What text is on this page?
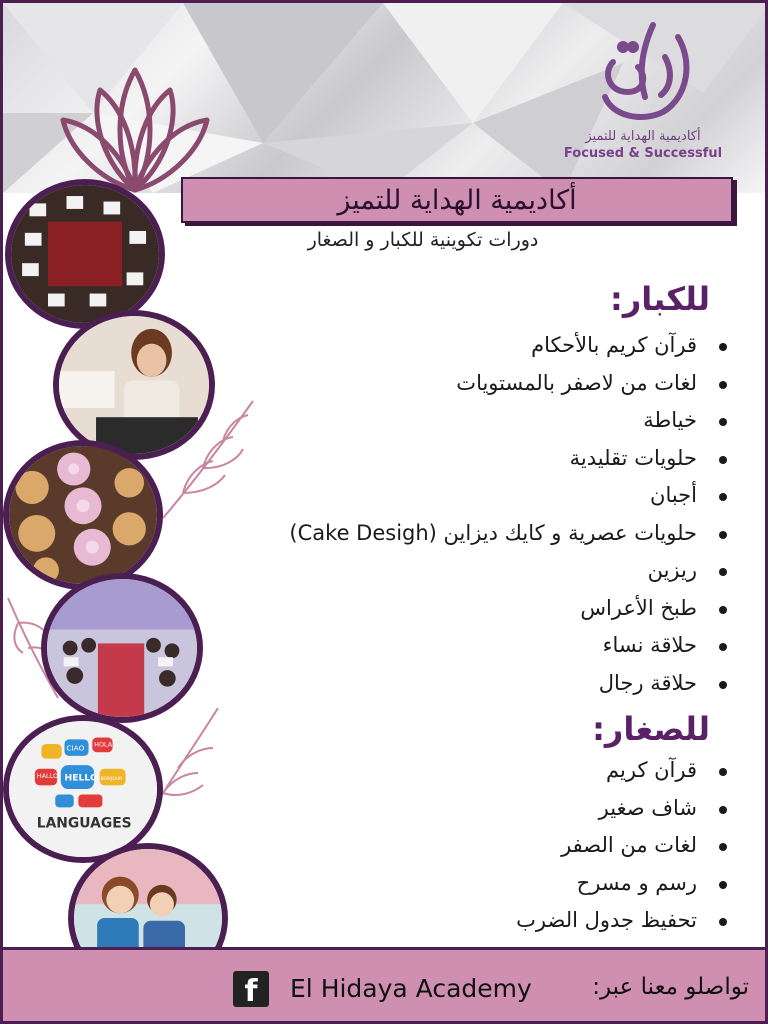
أكاديمية الهداية للتميز
Focused & Successful
أكاديمية الهداية للتميز
دورات تكوينية للكبار و الصغار
HALLO
CIAO HOLA
HELLO BONJOUR
LANGUAGES
للكبار:
قرآن كريم بالأحكام
لغات من لاصفر بالمستويات
خياطة
حلويات تقليدية
أجبان
حلويات عصرية و كايك ديزاين (Cake Desigh)
ريزين
طبخ الأعراس
حلاقة نساء
حلاقة رجال
للصغار:
قرآن كريم
شاف صغير
لغات من الصفر
رسم و مسرح
تحفيظ جدول الضرب
f	El Hidaya Academy	تواصلو معنا عبر:
